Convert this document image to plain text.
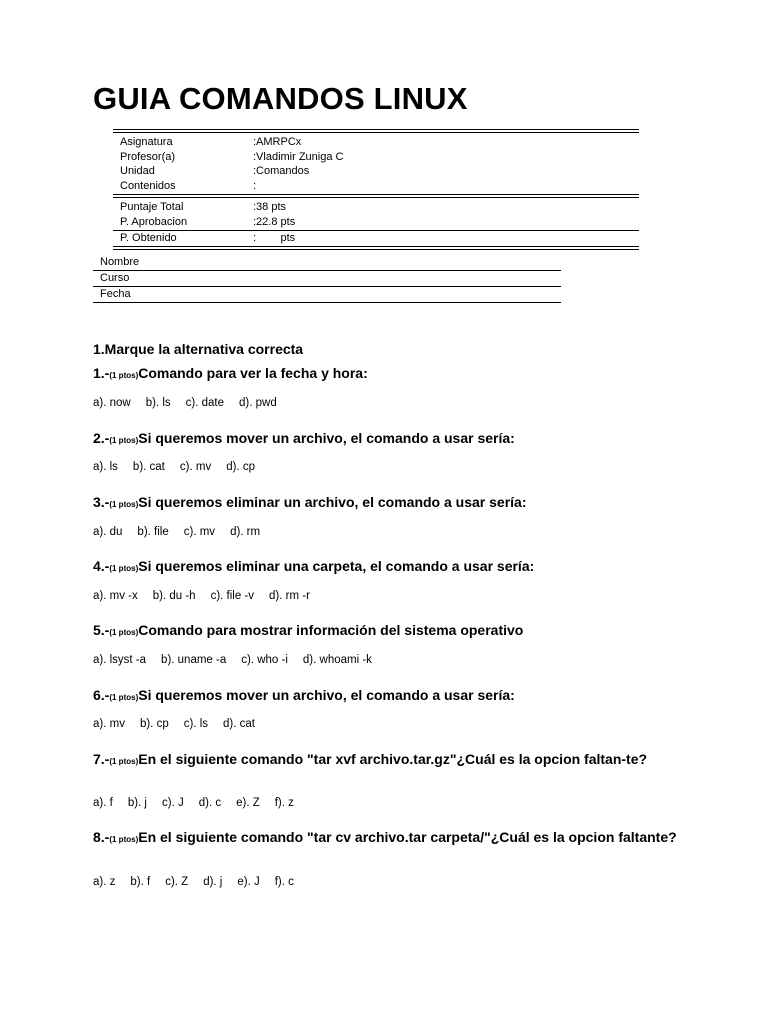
GUIA COMANDOS LINUX
Asignatura	:AMRPCx
Profesor(a)	:Vladimir Zuniga C
Unidad	:Comandos
Contenidos	:
Puntaje Total	:38 pts
P. Aprobacion	:22.8 pts
P. Obtenido	:        pts
Nombre
Curso
Fecha
1.Marque la alternativa correcta

1.-(1 ptos)Comando para ver la fecha y hora:

a). now b). ls c). date d). pwd

2.-(1 ptos)Si queremos mover un archivo, el comando a usar sería:

a). ls b). cat c). mv d). cp

3.-(1 ptos)Si queremos eliminar un archivo, el comando a usar sería:

a). du b). file c). mv d). rm

4.-(1 ptos)Si queremos eliminar una carpeta, el comando a usar sería:

a). mv -x b). du -h c). file -v d). rm -r

5.-(1 ptos)Comando para mostrar información del sistema operativo

a). lsyst -a b). uname -a c). who -i d). whoami -k

6.-(1 ptos)Si queremos mover un archivo, el comando a usar sería:

a). mv b). cp c). ls d). cat

7.-(1 ptos)En el siguiente comando "tar xvf archivo.tar.gz"¿Cuál es la opcion faltan-te?

a). f b). j c). J d). c e). Z f). z

8.-(1 ptos)En el siguiente comando "tar cv archivo.tar carpeta/"¿Cuál es la opcion faltante?

a). z b). f c). Z d). j e). J f). c
